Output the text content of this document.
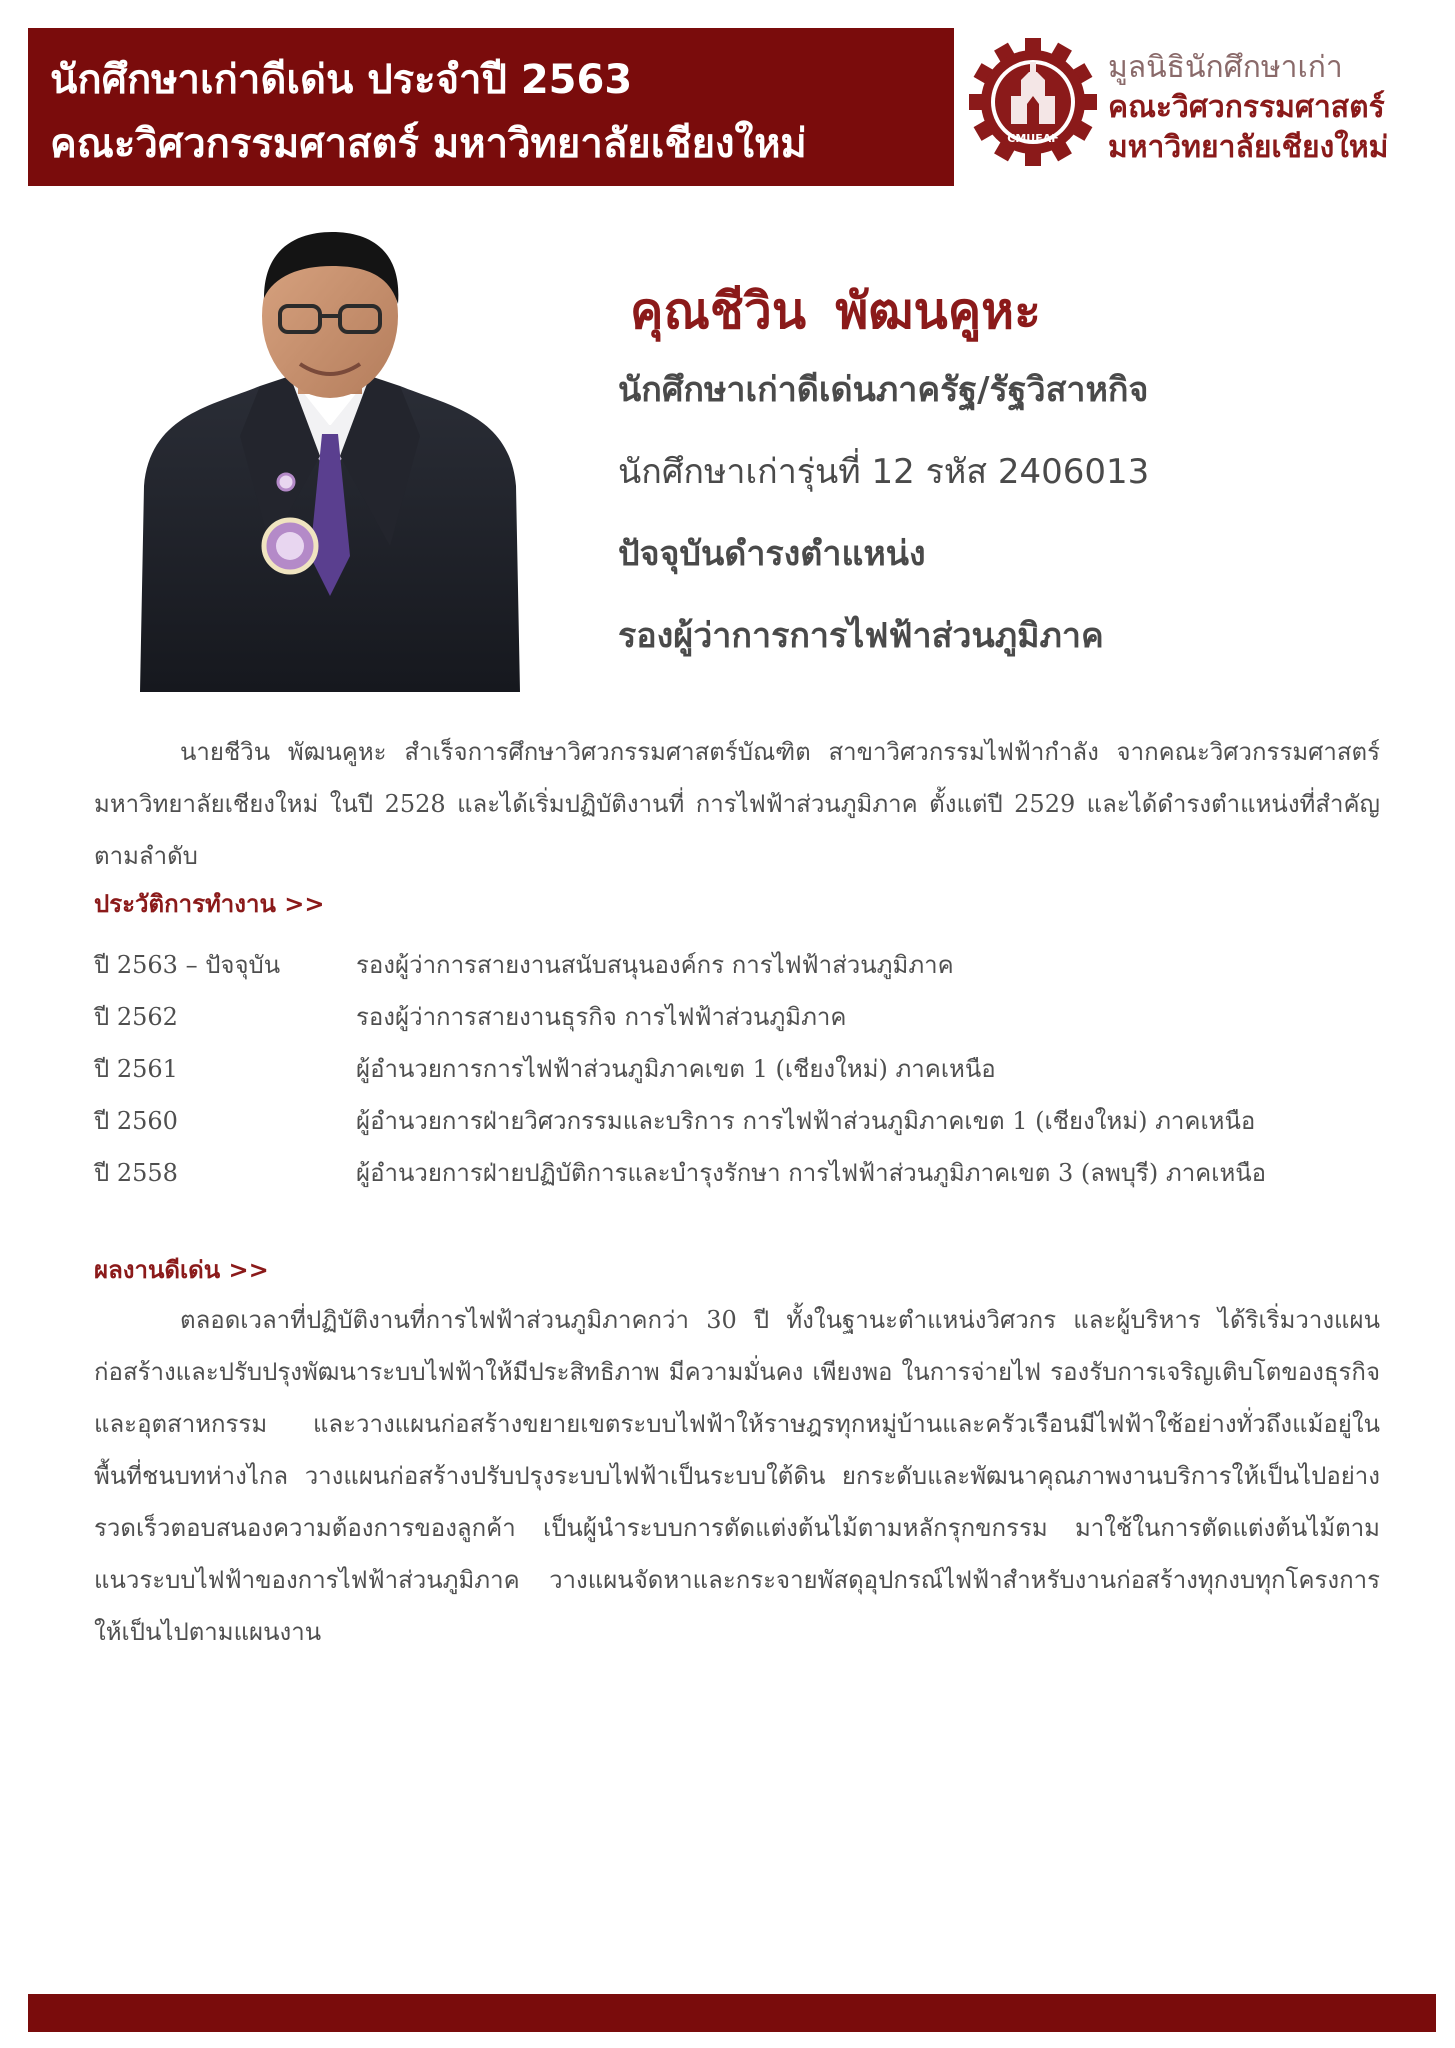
นักศึกษาเก่าดีเด่น ประจำปี 2563
คณะวิศวกรรมศาสตร์ มหาวิทยาลัยเชียงใหม่	CMUEAF
มูลนิธินักศึกษาเก่า
คณะวิศวกรรมศาสตร์
มหาวิทยาลัยเชียงใหม่
คุณชีวิน พัฒนคูหะ
นักศึกษาเก่าดีเด่นภาครัฐ/รัฐวิสาหกิจ
นักศึกษาเก่ารุ่นที่ 12 รหัส 2406013
ปัจจุบันดำรงตำแหน่ง
รองผู้ว่าการการไฟฟ้าส่วนภูมิภาค
นายชีวิน พัฒนคูหะ สำเร็จการศึกษาวิศวกรรมศาสตร์บัณฑิต สาขาวิศวกรรมไฟฟ้ากำลัง จากคณะวิศวกรรมศาสตร์ มหาวิทยาลัยเชียงใหม่ ในปี 2528 และได้เริ่มปฏิบัติงานที่ การไฟฟ้าส่วนภูมิภาค ตั้งแต่ปี 2529 และได้ดำรงตำแหน่งที่สำคัญตามลำดับ
ประวัติการทำงาน >>
ปี 2563 – ปัจจุบัน	รองผู้ว่าการสายงานสนับสนุนองค์กร การไฟฟ้าส่วนภูมิภาค
ปี 2562	รองผู้ว่าการสายงานธุรกิจ การไฟฟ้าส่วนภูมิภาค
ปี 2561	ผู้อำนวยการการไฟฟ้าส่วนภูมิภาคเขต 1 (เชียงใหม่) ภาคเหนือ
ปี 2560	ผู้อำนวยการฝ่ายวิศวกรรมและบริการ การไฟฟ้าส่วนภูมิภาคเขต 1 (เชียงใหม่) ภาคเหนือ
ปี 2558	ผู้อำนวยการฝ่ายปฏิบัติการและบำรุงรักษา การไฟฟ้าส่วนภูมิภาคเขต 3 (ลพบุรี) ภาคเหนือ
ผลงานดีเด่น >>
ตลอดเวลาที่ปฏิบัติงานที่การไฟฟ้าส่วนภูมิภาคกว่า 30 ปี ทั้งในฐานะตำแหน่งวิศวกร และผู้บริหาร ได้ริเริ่มวางแผนก่อสร้างและปรับปรุงพัฒนาระบบไฟฟ้าให้มีประสิทธิภาพ มีความมั่นคง เพียงพอ ในการจ่ายไฟ รองรับการเจริญเติบโตของธุรกิจและอุตสาหกรรม และวางแผนก่อสร้างขยายเขตระบบไฟฟ้าให้ราษฎรทุกหมู่บ้านและครัวเรือนมีไฟฟ้าใช้อย่างทั่วถึงแม้อยู่ในพื้นที่ชนบทห่างไกล วางแผนก่อสร้างปรับปรุงระบบไฟฟ้าเป็นระบบใต้ดิน ยกระดับและพัฒนาคุณภาพงานบริการให้เป็นไปอย่างรวดเร็วตอบสนองความต้องการของลูกค้า เป็นผู้นำระบบการตัดแต่งต้นไม้ตามหลักรุกขกรรม มาใช้ในการตัดแต่งต้นไม้ตามแนวระบบไฟฟ้าของการไฟฟ้าส่วนภูมิภาค วางแผนจัดหาและกระจายพัสดุอุปกรณ์ไฟฟ้าสำหรับงานก่อสร้างทุกงบทุกโครงการให้เป็นไปตามแผนงาน
